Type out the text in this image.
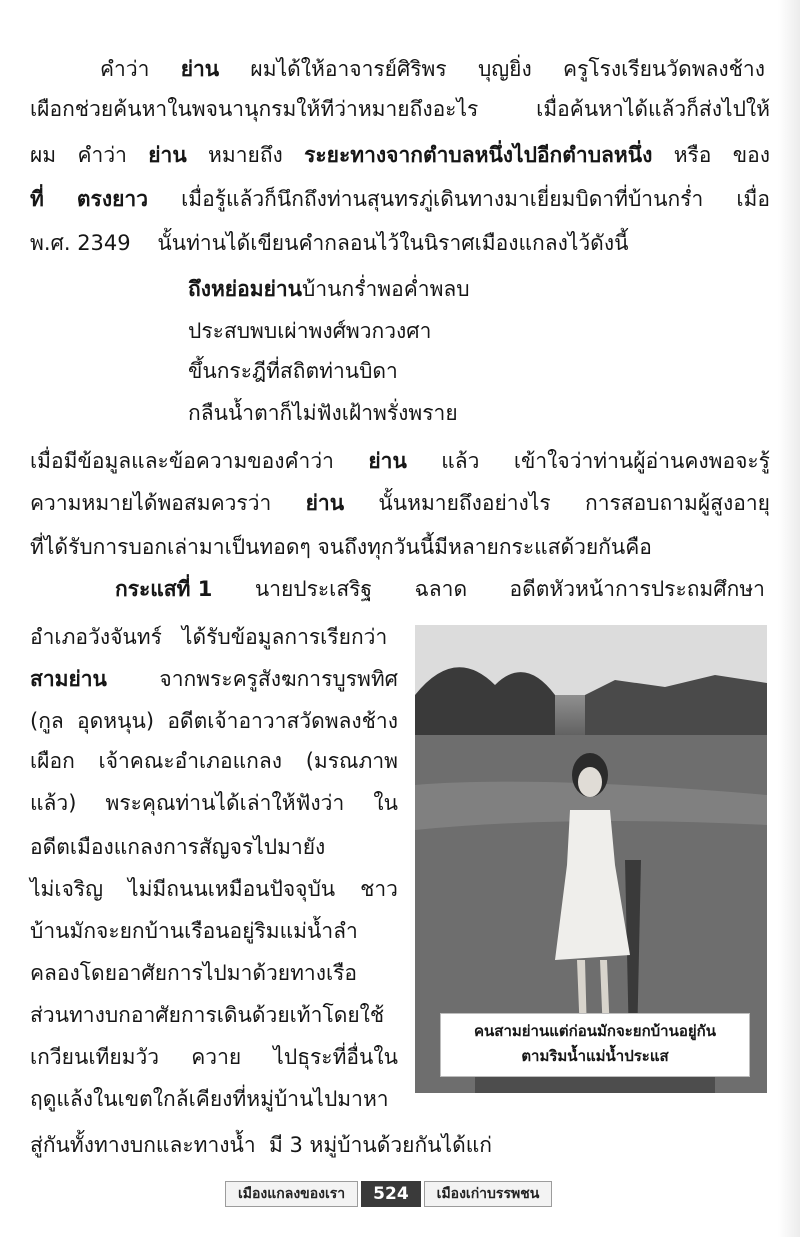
คำว่า ย่าน ผมได้ให้อาจารย์ศิริพร บุญยิ่ง ครูโรงเรียนวัดพลงช้าง
เผือกช่วยค้นหาในพจนานุกรมให้ทีว่าหมายถึงอะไร	เมื่อค้นหาได้แล้วก็ส่งไปให้
ผม คำว่า ย่าน หมายถึง ระยะทางจากตำบลหนึ่งไปอีกตำบลหนึ่ง หรือ ของ
ที่ ตรงยาว เมื่อรู้แล้วก็นึกถึงท่านสุนทรภู่เดินทางมาเยี่ยมบิดาที่บ้านกร่ำ เมื่อ
พ.ศ. 2349 นั้นท่านได้เขียนคำกลอนไว้ในนิราศเมืองแกลงไว้ดังนี้
ถึงหย่อมย่านบ้านกร่ำพอค่ำพลบ
ประสบพบเผ่าพงศ์พวกวงศา
ขึ้นกระฎีที่สถิตท่านบิดา
กลืนน้ำตาก็ไม่ฟังเฝ้าพรั่งพราย
เมื่อมีข้อมูลและข้อความของคำว่า ย่าน แล้ว เข้าใจว่าท่านผู้อ่านคงพอจะรู้
ความหมายได้พอสมควรว่า ย่าน นั้นหมายถึงอย่างไร การสอบถามผู้สูงอายุ
ที่ได้รับการบอกเล่ามาเป็นทอดๆ จนถึงทุกวันนี้มีหลายกระแสด้วยกันคือ
กระแสที่ 1 นายประเสริฐ ฉลาด อดีตหัวหน้าการประถมศึกษา
อำเภอวังจันทร์ ได้รับข้อมูลการเรียกว่า
สามย่าน จากพระครูสังฆการบูรพทิศ
(กูล อุดหนุน) อดีตเจ้าอาวาสวัดพลงช้าง
เผือก เจ้าคณะอำเภอแกลง (มรณภาพ
แล้ว) พระคุณท่านได้เล่าให้ฟังว่า ใน
อดีตเมืองแกลงการสัญจรไปมายัง
ไม่เจริญ ไม่มีถนนเหมือนปัจจุบัน ชาว
บ้านมักจะยกบ้านเรือนอยู่ริมแม่น้ำลำ
คลองโดยอาศัยการไปมาด้วยทางเรือ
ส่วนทางบกอาศัยการเดินด้วยเท้าโดยใช้
เกวียนเทียมวัว ควาย ไปธุระที่อื่นใน
ฤดูแล้งในเขตใกล้เคียงที่หมู่บ้านไปมาหา
สู่กันทั้งทางบกและทางน้ำ มี 3 หมู่บ้านด้วยกันได้แก่
คนสามย่านแต่ก่อนมักจะยกบ้านอยู่กัน
ตามริมน้ำแม่น้ำประแส
เมืองแกลงของเรา	524	เมืองเก่าบรรพชน
